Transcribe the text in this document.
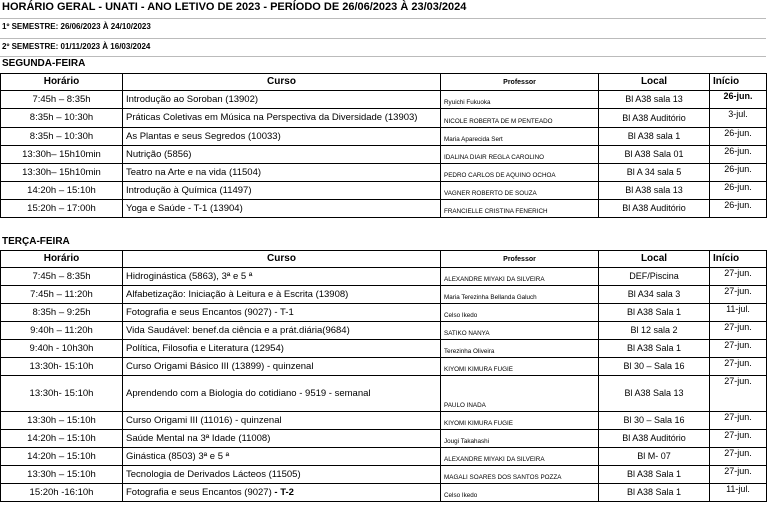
HORÁRIO GERAL - UNATI - ANO LETIVO DE 2023 - PERÍODO DE 26/06/2023 À 23/03/2024
1º SEMESTRE: 26/06/2023 À 24/10/2023
2º SEMESTRE: 01/11/2023 À 16/03/2024
SEGUNDA-FEIRA
Horário	Curso	Professor	Local	Início
7:45h – 8:35h	Introdução ao Soroban (13902)	Ryuichi Fukuoka	Bl A38 sala 13	26-jun.
8:35h – 10:30h	Práticas Coletivas em Música na Perspectiva da Diversidade (13903)	NICOLE ROBERTA DE M PENTEADO	Bl A38 Auditório	3-jul.
8:35h – 10:30h	As Plantas e seus Segredos (10033)	Maria Aparecida Sert	Bl A38 sala 1	26-jun.
13:30h– 15h10min	Nutrição (5856)	IDALINA DIAIR REGLA CAROLINO	Bl A38 Sala 01	26-jun.
13:30h– 15h10min	Teatro na Arte e na vida (11504)	PEDRO CARLOS DE AQUINO OCHOA	Bl A 34 sala 5	26-jun.
14:20h – 15:10h	Introdução à Química (11497)	VAGNER ROBERTO DE SOUZA	Bl A38 sala 13	26-jun.
15:20h – 17:00h	Yoga e Saúde - T-1 (13904)	FRANCIELLE CRISTINA FENERICH	Bl A38 Auditório	26-jun.
TERÇA-FEIRA
Horário	Curso	Professor	Local	Início
7:45h – 8:35h	Hidroginástica (5863), 3ª e 5 ª	ALEXANDRE MIYAKI DA SILVEIRA	DEF/Piscina	27-jun.
7:45h – 11:20h	Alfabetização: Iniciação à Leitura e à Escrita (13908)	Maria Terezinha Bellanda Galuch	Bl A34 sala 3	27-jun.
8:35h – 9:25h	Fotografia e seus Encantos (9027) - T-1	Celso Ikedo	Bl A38 Sala 1	11-jul.
9:40h – 11:20h	Vida Saudável: benef.da ciência e a prát.diária(9684)	SATIKO NANYA	Bl 12 sala 2	27-jun.
9:40h - 10h30h	Política, Filosofia e Literatura (12954)	Terezinha Oliveira	Bl A38 Sala 1	27-jun.
13:30h- 15:10h	Curso Origami Básico III (13899) - quinzenal	KIYOMI KIMURA FUGIE	Bl 30 – Sala 16	27-jun.
13:30h- 15:10h	Aprendendo com a Biologia do cotidiano - 9519 - semanal	PAULO INADA	Bl A38 Sala 13	27-jun.
13:30h – 15:10h	Curso Origami III (11016) - quinzenal	KIYOMI KIMURA FUGIE	Bl 30 – Sala 16	27-jun.
14:20h – 15:10h	Saúde Mental na 3ª Idade (11008)	Jougi Takahashi	Bl A38 Auditório	27-jun.
14:20h – 15:10h	Ginástica (8503) 3ª e 5 ª	ALEXANDRE MIYAKI DA SILVEIRA	Bl M- 07	27-jun.
13:30h – 15:10h	Tecnologia de Derivados Lácteos (11505)	MAGALI SOARES DOS SANTOS POZZA	Bl A38 Sala 1	27-jun.
15:20h -16:10h	Fotografia e seus Encantos (9027) - T-2	Celso Ikedo	Bl A38 Sala 1	11-jul.
